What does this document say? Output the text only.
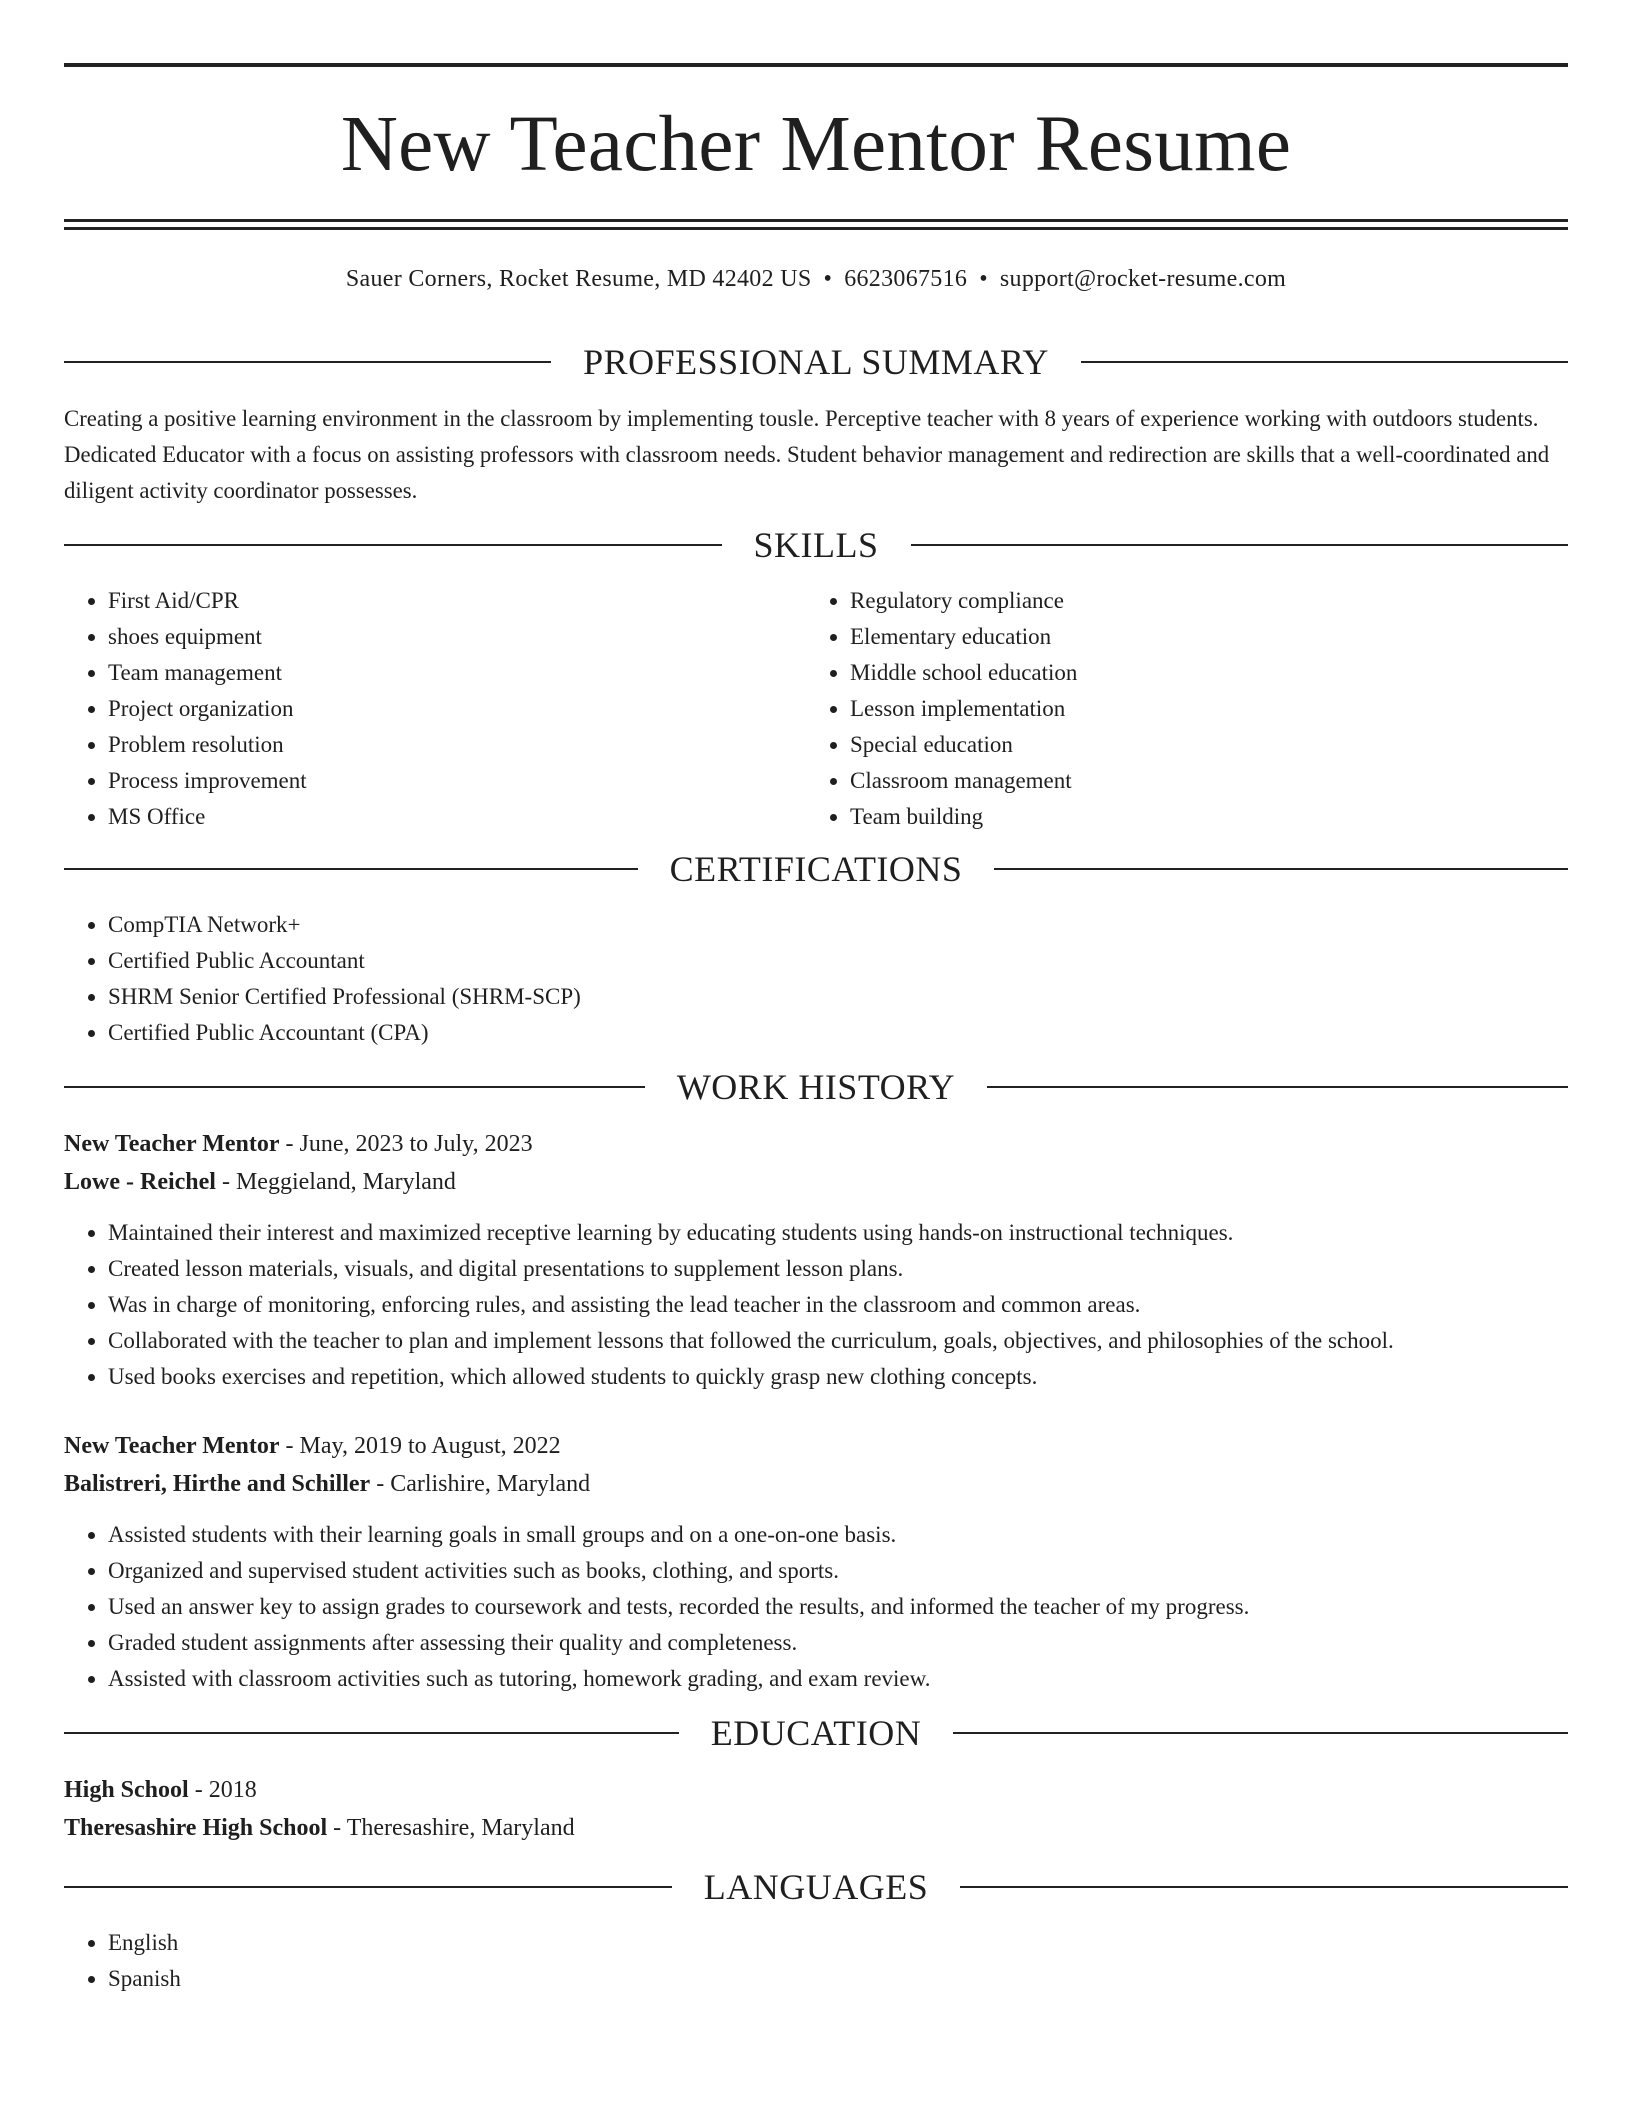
New Teacher Mentor Resume
Sauer Corners, Rocket Resume, MD 42402 US • 6623067516 • support@rocket-resume.com
PROFESSIONAL SUMMARY

Creating a positive learning environment in the classroom by implementing tousle. Perceptive teacher with 8 years of experience working with outdoors students. Dedicated Educator with a focus on assisting professors with classroom needs. Student behavior management and redirection are skills that a well-coordinated and diligent activity coordinator possesses.

SKILLS
• First Aid/CPR
• shoes equipment
• Team management
• Project organization
• Problem resolution
• Process improvement
• MS Office
• Regulatory compliance
• Elementary education
• Middle school education
• Lesson implementation
• Special education
• Classroom management
• Team building
CERTIFICATIONS
• CompTIA Network+
• Certified Public Accountant
• SHRM Senior Certified Professional (SHRM-SCP)
• Certified Public Accountant (CPA)
WORK HISTORY
New Teacher Mentor - June, 2023 to July, 2023
Lowe - Reichel - Meggieland, Maryland
• Maintained their interest and maximized receptive learning by educating students using hands-on instructional techniques.
• Created lesson materials, visuals, and digital presentations to supplement lesson plans.
• Was in charge of monitoring, enforcing rules, and assisting the lead teacher in the classroom and common areas.
• Collaborated with the teacher to plan and implement lessons that followed the curriculum, goals, objectives, and philosophies of the school.
• Used books exercises and repetition, which allowed students to quickly grasp new clothing concepts.
New Teacher Mentor - May, 2019 to August, 2022
Balistreri, Hirthe and Schiller - Carlishire, Maryland
• Assisted students with their learning goals in small groups and on a one-on-one basis.
• Organized and supervised student activities such as books, clothing, and sports.
• Used an answer key to assign grades to coursework and tests, recorded the results, and informed the teacher of my progress.
• Graded student assignments after assessing their quality and completeness.
• Assisted with classroom activities such as tutoring, homework grading, and exam review.
EDUCATION
High School - 2018
Theresashire High School - Theresashire, Maryland
LANGUAGES
• English
• Spanish
